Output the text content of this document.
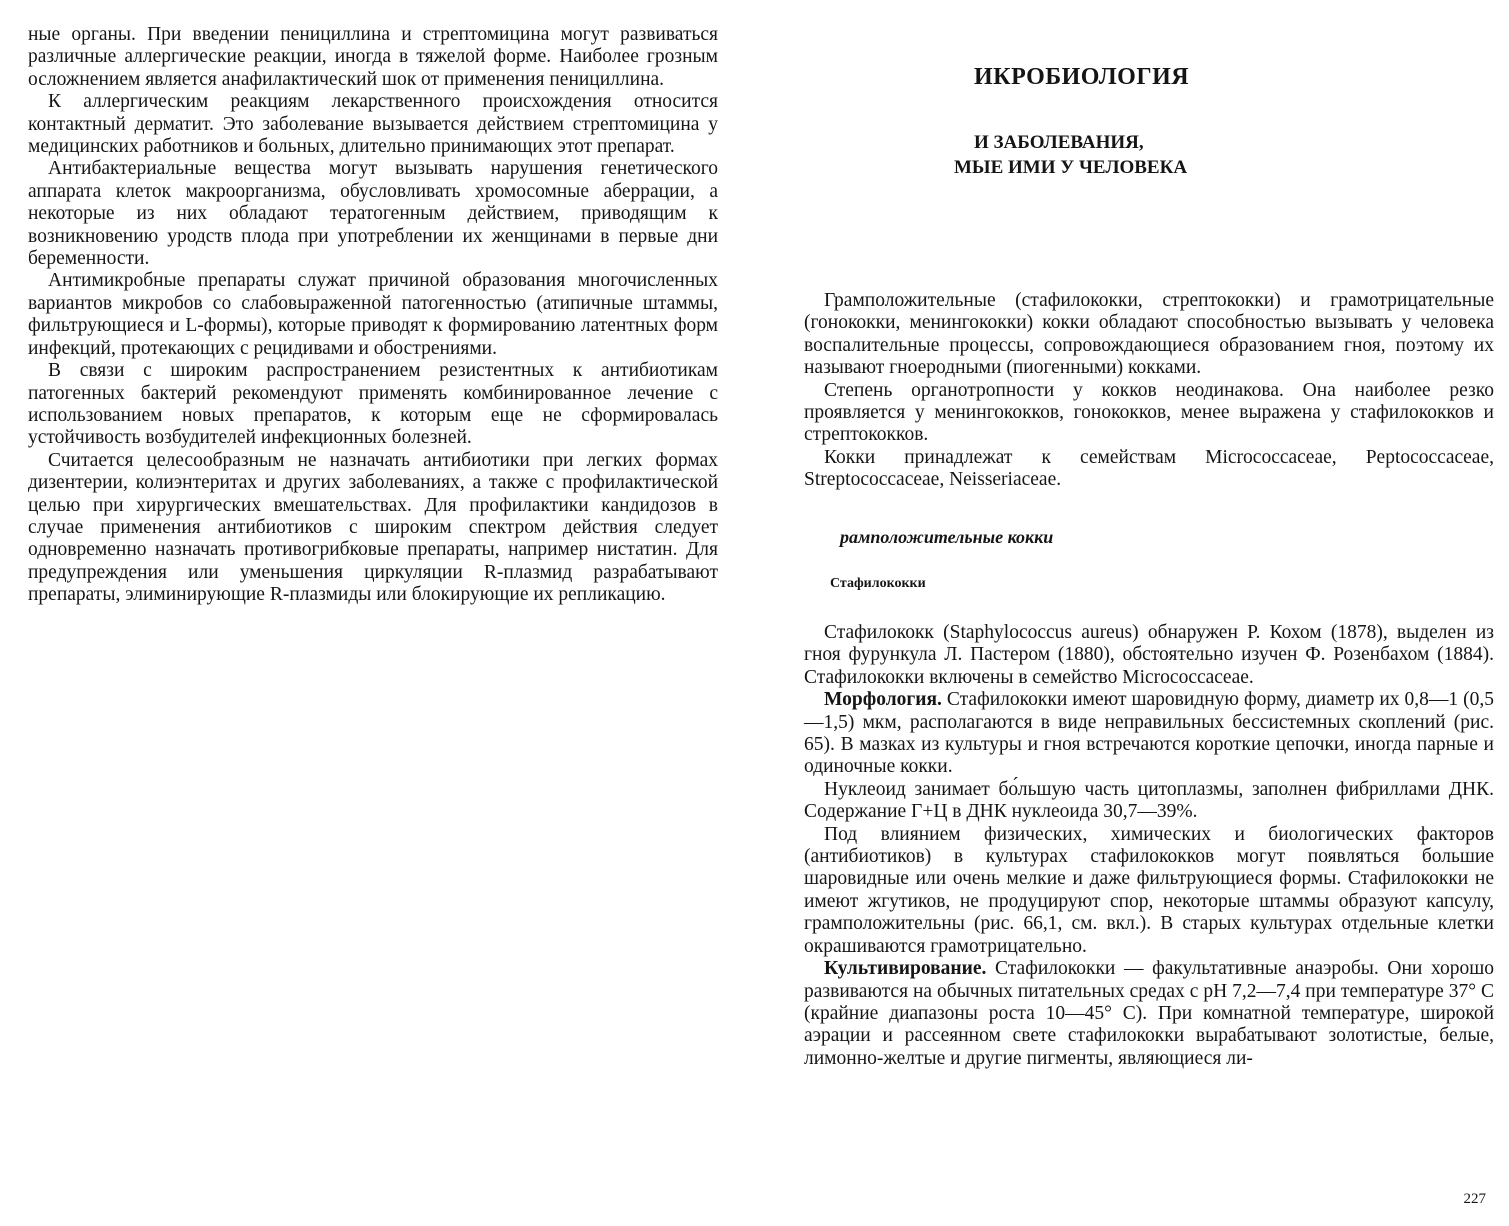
ные органы. При введении пенициллина и стрептомицина могут развиваться различные аллергические реакции, иногда в тяжелой форме. Наиболее грозным осложнением является анафилактический шок от применения пенициллина.

К аллергическим реакциям лекарственного происхождения относится контактный дерматит. Это заболевание вызывается действием стрептомицина у медицинских работников и больных, длительно принимающих этот препарат.

Антибактериальные вещества могут вызывать нарушения генетического аппарата клеток макроорганизма, обусловливать хромосомные аберрации, а некоторые из них обладают тератогенным действием, приводящим к возникновению уродств плода при употреблении их женщинами в первые дни беременности.

Антимикробные препараты служат причиной образования многочисленных вариантов микробов со слабовыраженной патогенностью (атипичные штаммы, фильтрующиеся и L-формы), которые приводят к формированию латентных форм инфекций, протекающих с рецидивами и обострениями.

В связи с широким распространением резистентных к антибиотикам патогенных бактерий рекомендуют применять комбинированное лечение с использованием новых препаратов, к которым еще не сформировалась устойчивость возбудителей инфекционных болезней.

Считается целесообразным не назначать антибиотики при легких формах дизентерии, колиэнтеритах и других заболеваниях, а также с профилактической целью при хирургических вмешательствах. Для профилактики кандидозов в случае применения антибиотиков с широким спектром действия следует одновременно назначать противогрибковые препараты, например нистатин. Для предупреждения или уменьшения циркуляции R-плазмид разрабатывают препараты, элиминирующие R-плазмиды или блокирующие их репликацию.

ИКРОБИОЛОГИЯ
И ЗАБОЛЕВАНИЯ,
МЫЕ ИМИ У ЧЕЛОВЕКА

Грамположительные (стафилококки, стрептококки) и грамотрицательные (гонококки, менингококки) кокки обладают способностью вызывать у человека воспалительные процессы, сопровождающиеся образованием гноя, поэтому их называют гноеродными (пиогенными) кокками.

Степень органотропности у кокков неодинакова. Она наиболее резко проявляется у менингококков, гонококков, менее выражена у стафилококков и стрептококков.

Кокки принадлежат к семействам Micrococcaceae, Peptococcaceae, Streptococcaceae, Neisseriaceae.

рамположительные кокки
Стафилококки

Стафилококк (Staphylococcus aureus) обнаружен Р. Кохом (1878), выделен из гноя фурункула Л. Пастером (1880), обстоятельно изучен Ф. Розенбахом (1884). Стафилококки включены в семейство Micrococcaceae.

Морфология. Стафилококки имеют шаровидную форму, диаметр их 0,8—1 (0,5—1,5) мкм, располагаются в виде неправильных бессистемных скоплений (рис. 65). В мазках из культуры и гноя встречаются короткие цепочки, иногда парные и одиночные кокки.

Нуклеоид занимает бо́льшую часть цитоплазмы, заполнен фибриллами ДНК. Содержание Г+Ц в ДНК нуклеоида 30,7—39%.

Под влиянием физических, химических и биологических факторов (антибиотиков) в культурах стафилококков могут появляться большие шаровидные или очень мелкие и даже фильтрующиеся формы. Стафилококки не имеют жгутиков, не продуцируют спор, некоторые штаммы образуют капсулу, грамположительны (рис. 66,1, см. вкл.). В старых культурах отдельные клетки окрашиваются грамотрицательно.

Культивирование. Стафилококки — факультативные анаэробы. Они хорошо развиваются на обычных питательных средах с рН 7,2—7,4 при температуре 37° С (крайние диапазоны роста 10—45° С). При комнатной температуре, широкой аэрации и рассеянном свете стафилококки вырабатывают золотистые, белые, лимонно-желтые и другие пигменты, являющиеся ли-

227
